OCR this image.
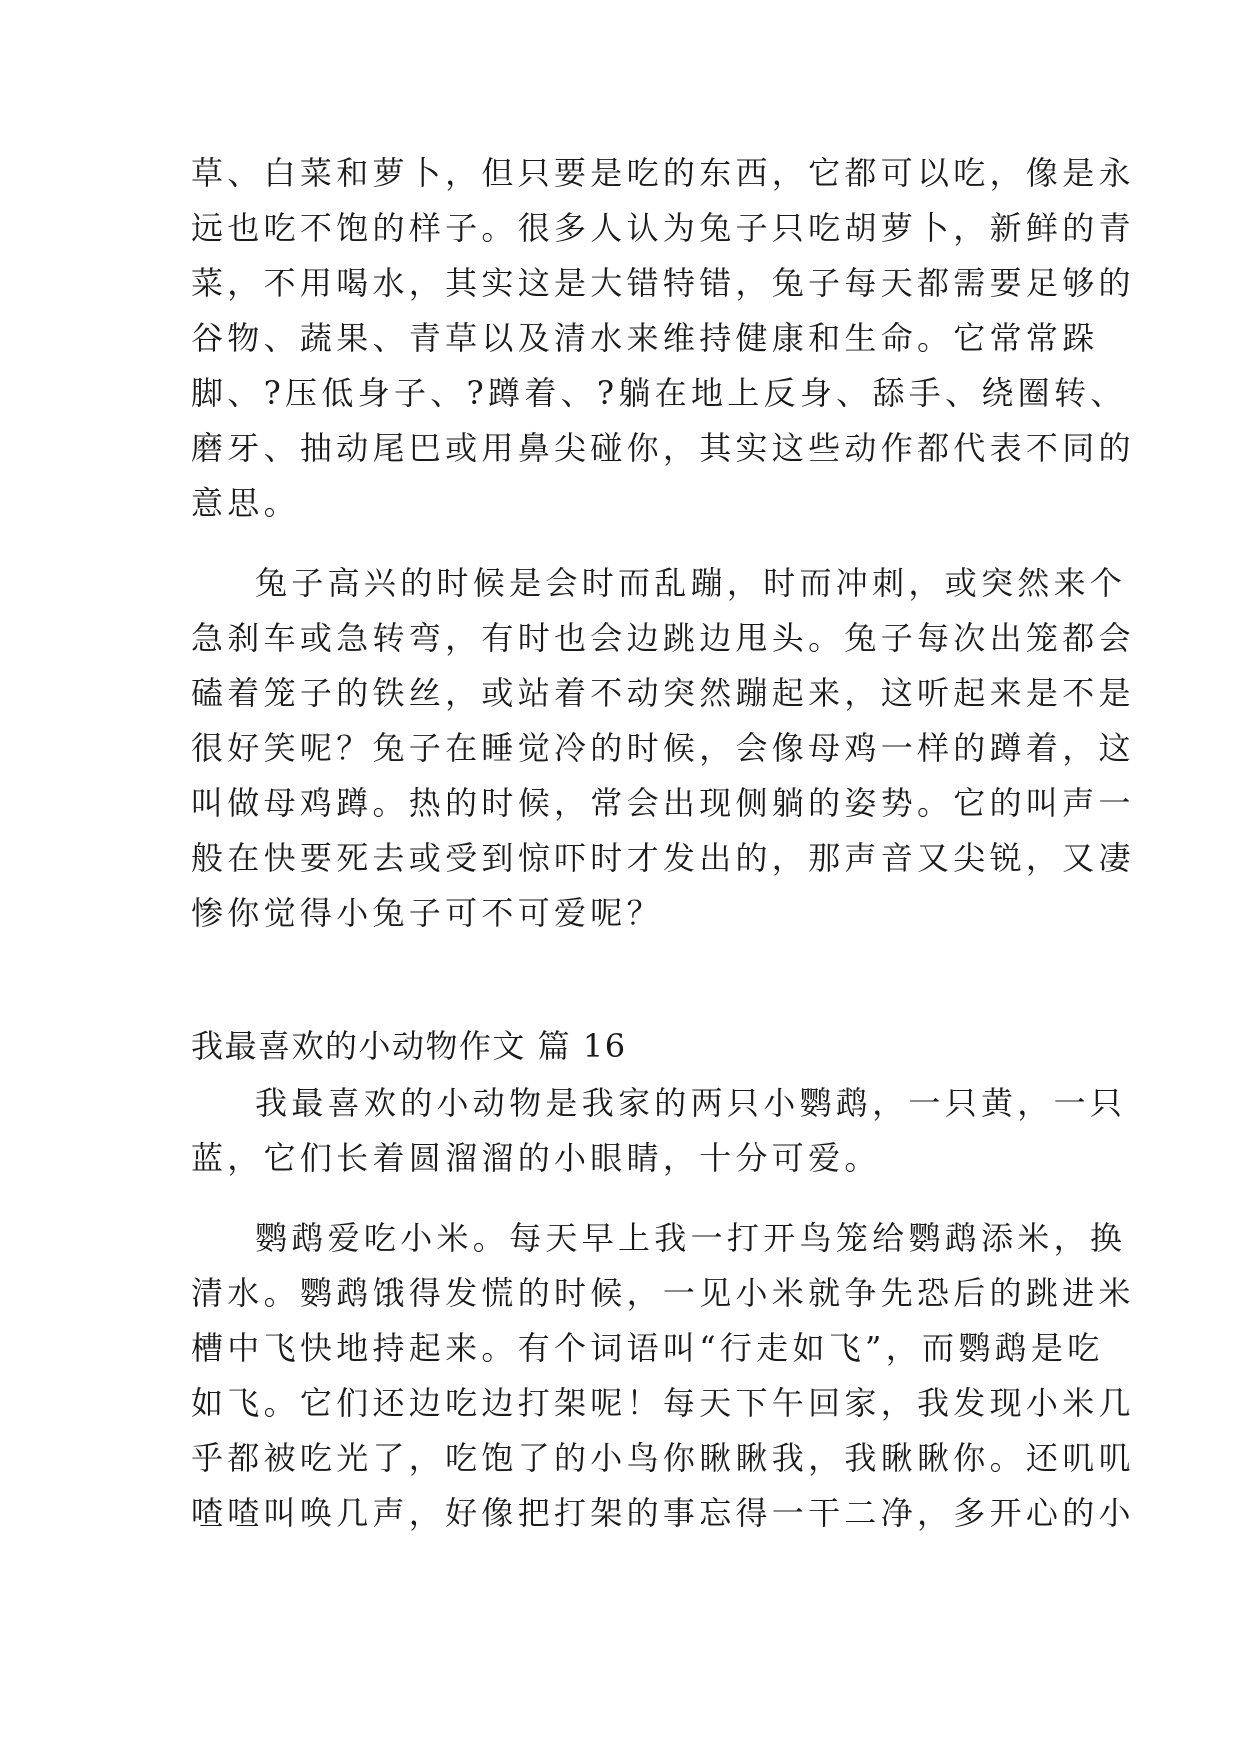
草、白菜和萝卜，但只要是吃的东西，它都可以吃，像是永
远也吃不饱的样子。很多人认为兔子只吃胡萝卜，新鲜的青
菜，不用喝水，其实这是大错特错，兔子每天都需要足够的
谷物、蔬果、青草以及清水来维持健康和生命。它常常跺
脚、?压低身子、?蹲着、?躺在地上反身、舔手、绕圈转、
磨牙、抽动尾巴或用鼻尖碰你，其实这些动作都代表不同的
意思。
兔子高兴的时候是会时而乱蹦，时而冲刺，或突然来个
急刹车或急转弯，有时也会边跳边甩头。兔子每次出笼都会
磕着笼子的铁丝，或站着不动突然蹦起来，这听起来是不是
很好笑呢？兔子在睡觉冷的时候，会像母鸡一样的蹲着，这
叫做母鸡蹲。热的时候，常会出现侧躺的姿势。它的叫声一
般在快要死去或受到惊吓时才发出的，那声音又尖锐，又凄
惨你觉得小兔子可不可爱呢？
我最喜欢的小动物作文 篇 16
我最喜欢的小动物是我家的两只小鹦鹉，一只黄，一只
蓝，它们长着圆溜溜的小眼睛，十分可爱。
鹦鹉爱吃小米。每天早上我一打开鸟笼给鹦鹉添米，换
清水。鹦鹉饿得发慌的时候，一见小米就争先恐后的跳进米
槽中飞快地持起来。有个词语叫“行走如飞”，而鹦鹉是吃
如飞。它们还边吃边打架呢！每天下午回家，我发现小米几
乎都被吃光了，吃饱了的小鸟你瞅瞅我，我瞅瞅你。还叽叽
喳喳叫唤几声，好像把打架的事忘得一干二净，多开心的小
